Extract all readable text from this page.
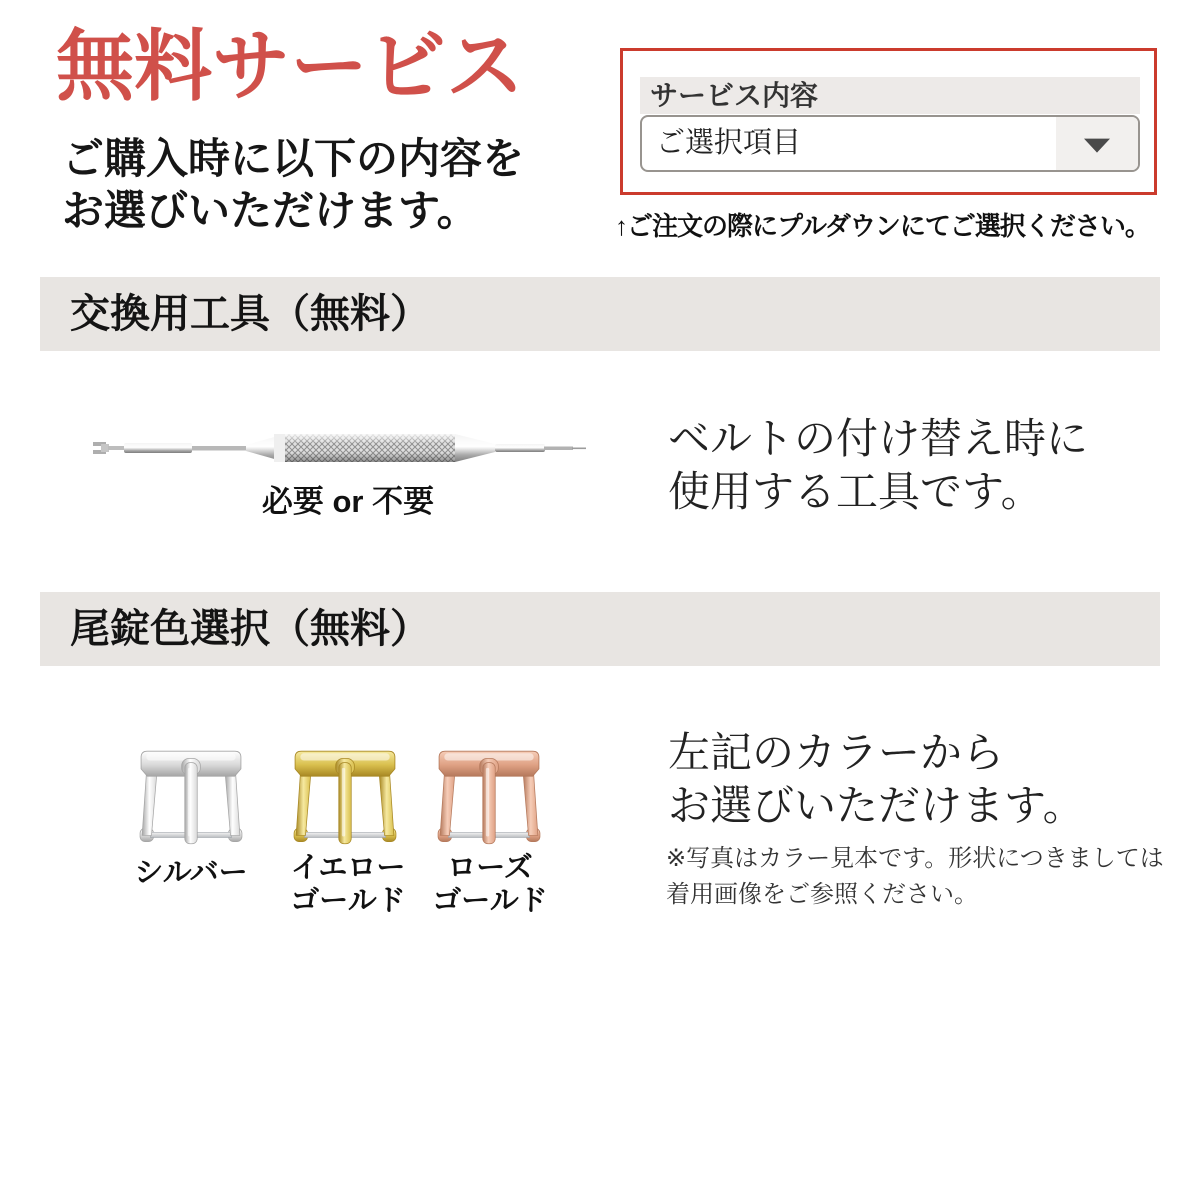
無料サービス
ご購入時に以下の内容を
お選びいただけます。
サービス内容
ご選択項目
↑ご注文の際にプルダウンにてご選択ください。
交換用工具（無料）
必要 or 不要
ベルトの付け替え時に
使用する工具です。
尾錠色選択（無料）
シルバー イエロー
ゴールド
ローズ
ゴールド
左記のカラーから
お選びいただけます。
※写真はカラー見本です。形状につきましては
着用画像をご参照ください。
